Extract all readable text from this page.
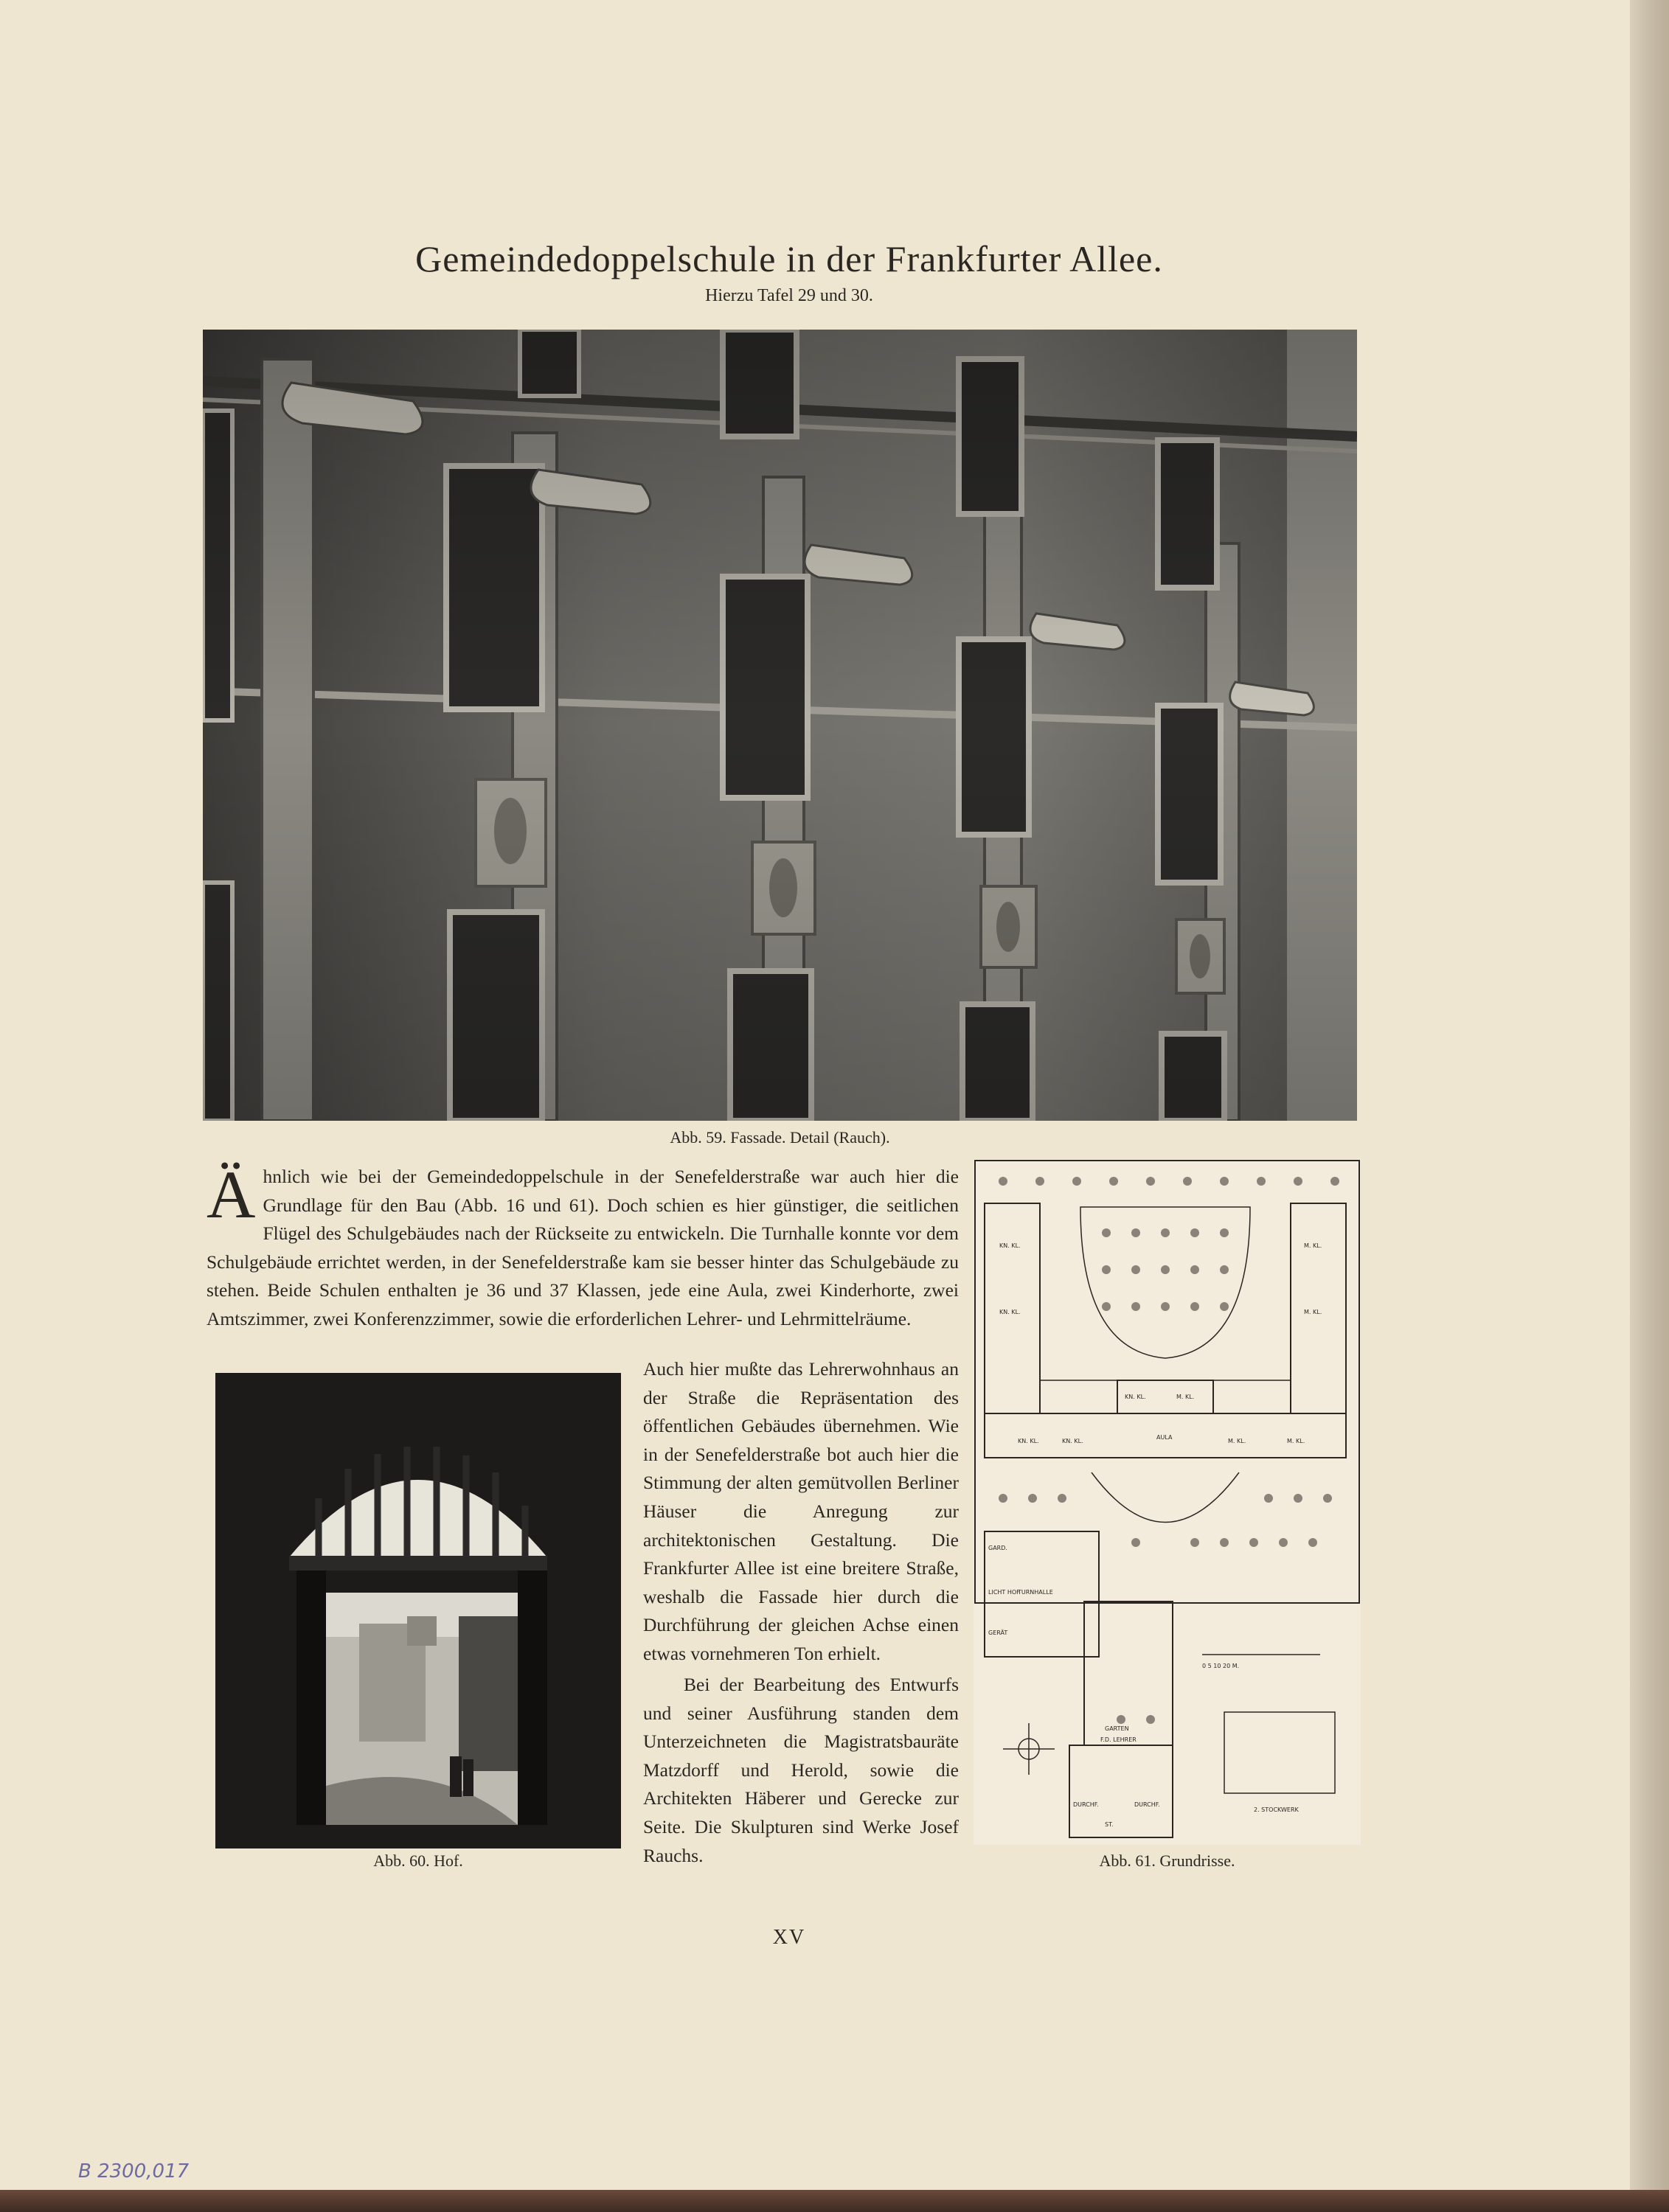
Gemeindedoppelschule in der Frankfurter Allee.
Hierzu Tafel 29 und 30.
Abb. 59. Fassade. Detail (Rauch).
Ähnlich wie bei der Gemeindedoppelschule in der Senefelderstraße war auch hier die Grundlage für den Bau (Abb. 16 und 61). Doch schien es hier günstiger, die seitlichen Flügel des Schulgebäudes nach der Rückseite zu entwickeln. Die Turnhalle konnte vor dem Schulgebäude errichtet werden, in der Senefelderstraße kam sie besser hinter das Schulgebäude zu stehen. Beide Schulen enthalten je 36 und 37 Klassen, jede eine Aula, zwei Kinderhorte, zwei Amtszimmer, zwei Konferenzzimmer, sowie die erforderlichen Lehrer- und Lehrmittelräume.
Abb. 60. Hof.
Auch hier mußte das Lehrerwohnhaus an der Straße die Repräsentation des öffentlichen Gebäudes übernehmen. Wie in der Senefelderstraße bot auch hier die Stimmung der alten gemütvollen Berliner Häuser die Anregung zur architektonischen Gestaltung. Die Frankfurter Allee ist eine breitere Straße, weshalb die Fassade hier durch die Durchführung der gleichen Achse einen etwas vornehmeren Ton erhielt.
Bei der Bearbeitung des Entwurfs und seiner Ausführung standen dem Unterzeichneten die Magistratsbauräte Matzdorff und Herold, sowie die Architekten Häberer und Gerecke zur Seite. Die Skulpturen sind Werke Josef Rauchs.
KN. KL.
KN. KL.
M. KL.
M. KL.
KN. KL.	M. KL.
AULA
KN. KL.	KN. KL.	M. KL.	M. KL.
TURNHALLE
GARD.
LICHT HOF
GERÄT
GARTEN
F.D. LEHRER
DURCHF.	DURCHF.
ST.
2. STOCKWERK
0 5 10 20 M.
Abb. 61. Grundrisse.
XV
B 2300,017
